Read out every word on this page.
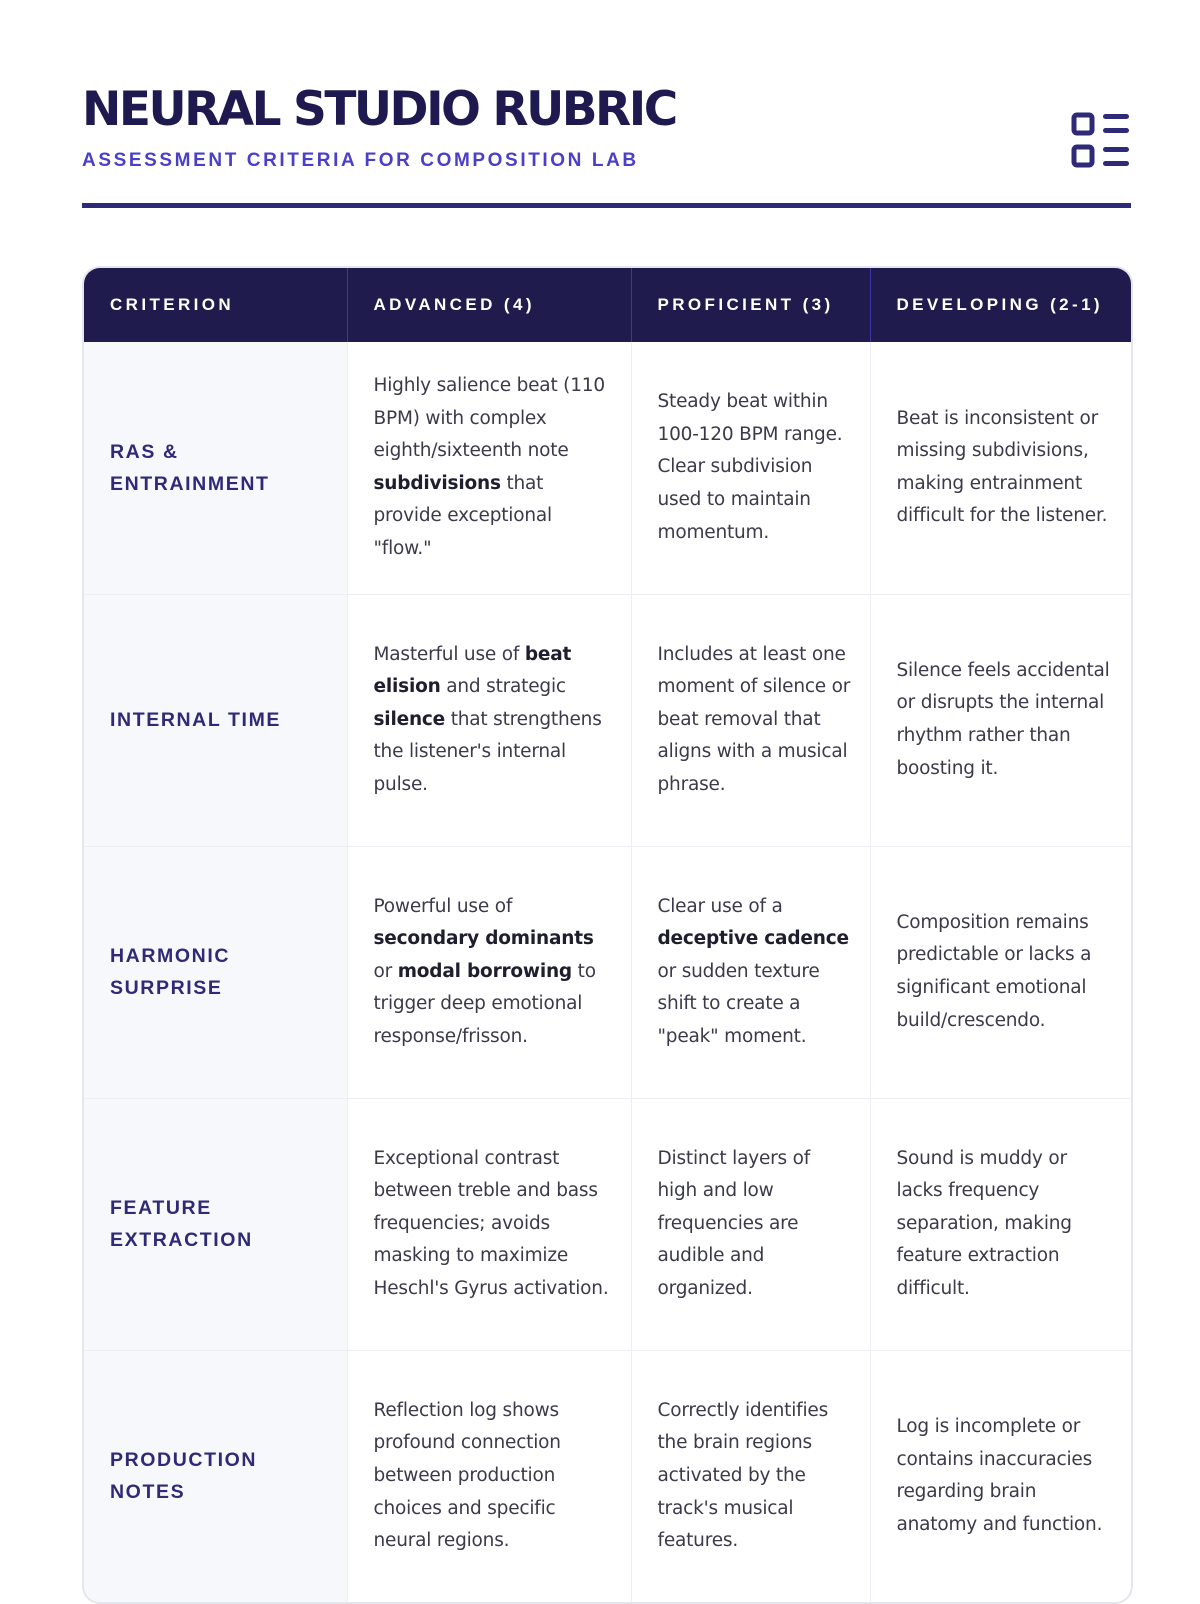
NEURAL STUDIO RUBRIC
ASSESSMENT CRITERIA FOR COMPOSITION LAB
CRITERION	ADVANCED (4)	PROFICIENT (3)	DEVELOPING (2-1)
RAS & ENTRAINMENT	Highly salience beat (110 BPM) with complex eighth/sixteenth note subdivisions that provide exceptional "flow."	Steady beat within 100-120 BPM range. Clear subdivision used to maintain momentum.	Beat is inconsistent or missing subdivisions, making entrainment difficult for the listener.
INTERNAL TIME	Masterful use of beat elision and strategic silence that strengthens the listener's internal pulse.	Includes at least one moment of silence or beat removal that aligns with a musical phrase.	Silence feels accidental or disrupts the internal rhythm rather than boosting it.
HARMONIC SURPRISE	Powerful use of secondary dominants or modal borrowing to trigger deep emotional response/frisson.	Clear use of a deceptive cadence or sudden texture shift to create a "peak" moment.	Composition remains predictable or lacks a significant emotional build/crescendo.
FEATURE EXTRACTION	Exceptional contrast between treble and bass frequencies; avoids masking to maximize Heschl's Gyrus activation.	Distinct layers of high and low frequencies are audible and organized.	Sound is muddy or lacks frequency separation, making feature extraction difficult.
PRODUCTION NOTES	Reflection log shows profound connection between production choices and specific neural regions.	Correctly identifies the brain regions activated by the track's musical features.	Log is incomplete or contains inaccuracies regarding brain anatomy and function.
